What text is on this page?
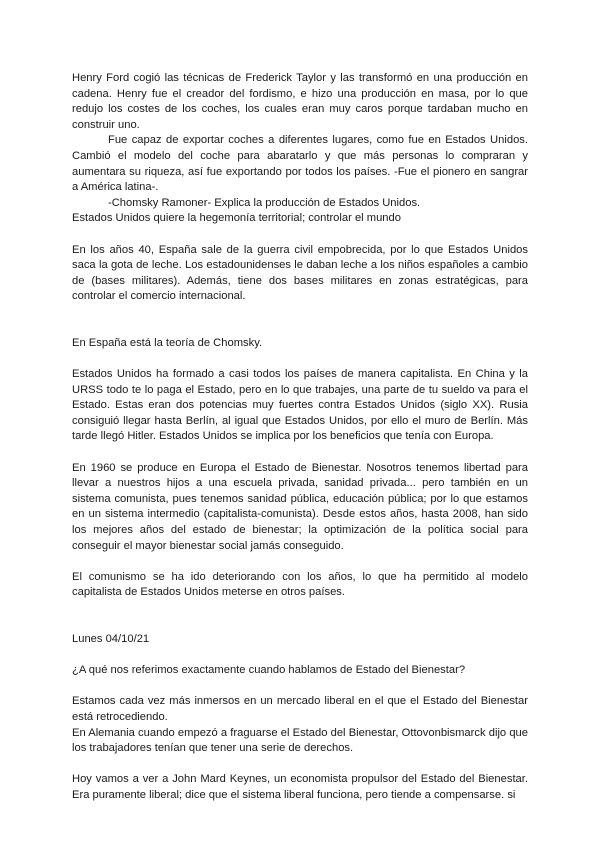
Henry Ford cogió las técnicas de Frederick Taylor y las transformó en una producción en cadena. Henry fue el creador del fordismo, e hizo una producción en masa, por lo que redujo los costes de los coches, los cuales eran muy caros porque tardaban mucho en construir uno.

Fue capaz de exportar coches a diferentes lugares, como fue en Estados Unidos. Cambió el modelo del coche para abaratarlo y que más personas lo compraran y aumentara su riqueza, así fue exportando por todos los países. -Fue el pionero en sangrar a América latina-.

-Chomsky Ramoner- Explica la producción de Estados Unidos.

Estados Unidos quiere la hegemonía territorial; controlar el mundo

En los años 40, España sale de la guerra civil empobrecida, por lo que Estados Unidos saca la gota de leche. Los estadounidenses le daban leche a los niños españoles a cambio de (bases militares). Además, tiene dos bases militares en zonas estratégicas, para controlar el comercio internacional.

En España está la teoría de Chomsky.

Estados Unidos ha formado a casi todos los países de manera capitalista. En China y la URSS todo te lo paga el Estado, pero en lo que trabajes, una parte de tu sueldo va para el Estado. Estas eran dos potencias muy fuertes contra Estados Unidos (siglo XX). Rusia consiguió llegar hasta Berlín, al igual que Estados Unidos, por ello el muro de Berlín. Más tarde llegó Hitler. Estados Unidos se implica por los beneficios que tenía con Europa.

En 1960 se produce en Europa el Estado de Bienestar. Nosotros tenemos libertad para llevar a nuestros hijos a una escuela privada, sanidad privada... pero también en un sistema comunista, pues tenemos sanidad pública, educación pública; por lo que estamos en un sistema intermedio (capitalista-comunista). Desde estos años, hasta 2008, han sido los mejores años del estado de bienestar; la optimización de la política social para conseguir el mayor bienestar social jamás conseguido.

El comunismo se ha ido deteriorando con los años, lo que ha permitido al modelo capitalista de Estados Unidos meterse en otros países.

Lunes 04/10/21

¿A qué nos referimos exactamente cuando hablamos de Estado del Bienestar?

Estamos cada vez más inmersos en un mercado liberal en el que el Estado del Bienestar está retrocediendo.

En Alemania cuando empezó a fraguarse el Estado del Bienestar, Ottovonbismarck dijo que los trabajadores tenían que tener una serie de derechos.

Hoy vamos a ver a John Mard Keynes, un economista propulsor del Estado del Bienestar. Era puramente liberal; dice que el sistema liberal funciona, pero tiende a compensarse. si
